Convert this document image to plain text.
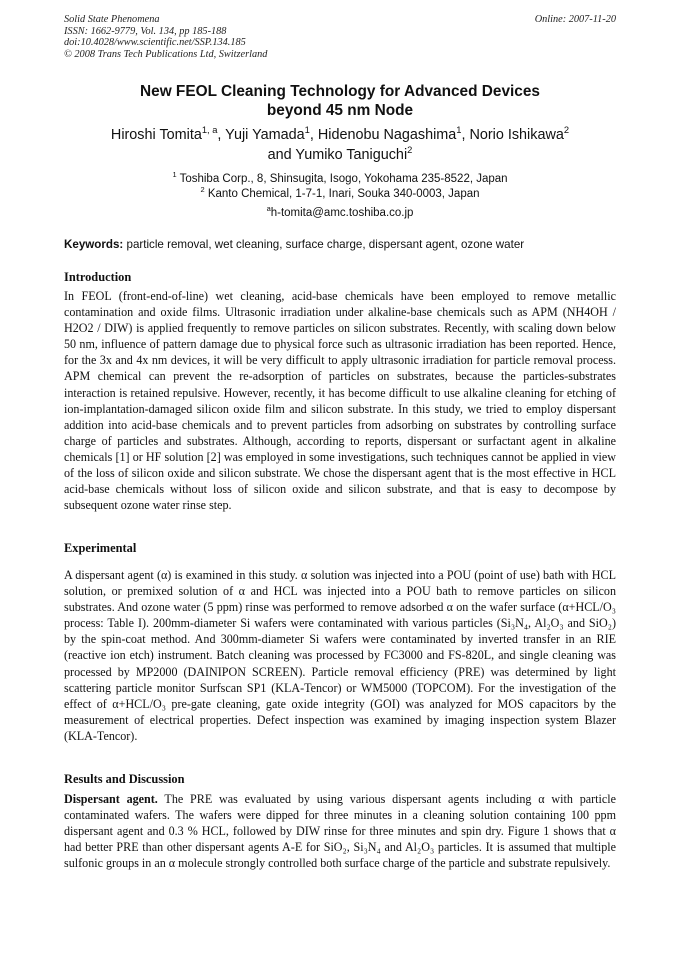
Solid State Phenomena
ISSN: 1662-9779, Vol. 134, pp 185-188
doi:10.4028/www.scientific.net/SSP.134.185
© 2008 Trans Tech Publications Ltd, Switzerland
Online: 2007-11-20
New FEOL Cleaning Technology for Advanced Devices
beyond 45 nm Node
Hiroshi Tomita$^{1, a}$, Yuji Yamada$^1$, Hidenobu Nagashima$^1$, Norio Ishikawa$^2$
and Yumiko Taniguchi$^2$
$^1$ Toshiba Corp., 8, Shinsugita, Isogo, Yokohama 235-8522, Japan
$^2$ Kanto Chemical, 1-7-1, Inari, Souka 340-0003, Japan
$^a$h-tomita@amc.toshiba.co.jp
Keywords: particle removal, wet cleaning, surface charge, dispersant agent, ozone water
Introduction
In FEOL (front-end-of-line) wet cleaning, acid-base chemicals have been employed to remove metallic contamination and oxide films. Ultrasonic irradiation under alkaline-base chemicals such as APM (NH4OH / H2O2 / DIW) is applied frequently to remove particles on silicon substrates. Recently, with scaling down below 50 nm, influence of pattern damage due to physical force such as ultrasonic irradiation has been reported. Hence, for the 3x and 4x nm devices, it will be very difficult to apply ultrasonic irradiation for particle removal process. APM chemical can prevent the re-adsorption of particles on substrates, because the particles-substrates interaction is retained repulsive. However, recently, it has become difficult to use alkaline cleaning for etching of ion-implantation-damaged silicon oxide film and silicon substrate. In this study, we tried to employ dispersant addition into acid-base chemicals and to prevent particles from adsorbing on substrates by controlling surface charge of particles and substrates. Although, according to reports, dispersant or surfactant agent in alkaline chemicals [1] or HF solution [2] was employed in some investigations, such techniques cannot be applied in view of the loss of silicon oxide and silicon substrate. We chose the dispersant agent that is the most effective in HCL acid-base chemicals without loss of silicon oxide and silicon substrate, and that is easy to decompose by subsequent ozone water rinse step.
Experimental
A dispersant agent (α) is examined in this study. α solution was injected into a POU (point of use) bath with HCL solution, or premixed solution of α and HCL was injected into a POU bath to remove particles on silicon substrates. And ozone water (5 ppm) rinse was performed to remove adsorbed α on the wafer surface (α+HCL/O₃ process: Table I). 200mm-diameter Si wafers were contaminated with various particles (Si₃N₄, Al₂O₃ and SiO₂) by the spin-coat method. And 300mm-diameter Si wafers were contaminated by inverted transfer in an RIE (reactive ion etch) instrument. Batch cleaning was processed by FC3000 and FS-820L, and single cleaning was processed by MP2000 (DAINIPON SCREEN). Particle removal efficiency (PRE) was determined by light scattering particle monitor Surfscan SP1 (KLA-Tencor) or WM5000 (TOPCOM). For the investigation of the effect of α+HCL/O₃ pre-gate cleaning, gate oxide integrity (GOI) was analyzed for MOS capacitors by the measurement of electrical properties. Defect inspection was examined by imaging inspection system Blazer (KLA-Tencor).
Results and Discussion
Dispersant agent. The PRE was evaluated by using various dispersant agents including α with particle contaminated wafers. The wafers were dipped for three minutes in a cleaning solution containing 100 ppm dispersant agent and 0.3 % HCL, followed by DIW rinse for three minutes and spin dry. Figure 1 shows that α had better PRE than other dispersant agents A-E for SiO₂, Si₃N₄ and Al₂O₃ particles. It is assumed that multiple sulfonic groups in an α molecule strongly controlled both surface charge of the particle and substrate repulsively.
